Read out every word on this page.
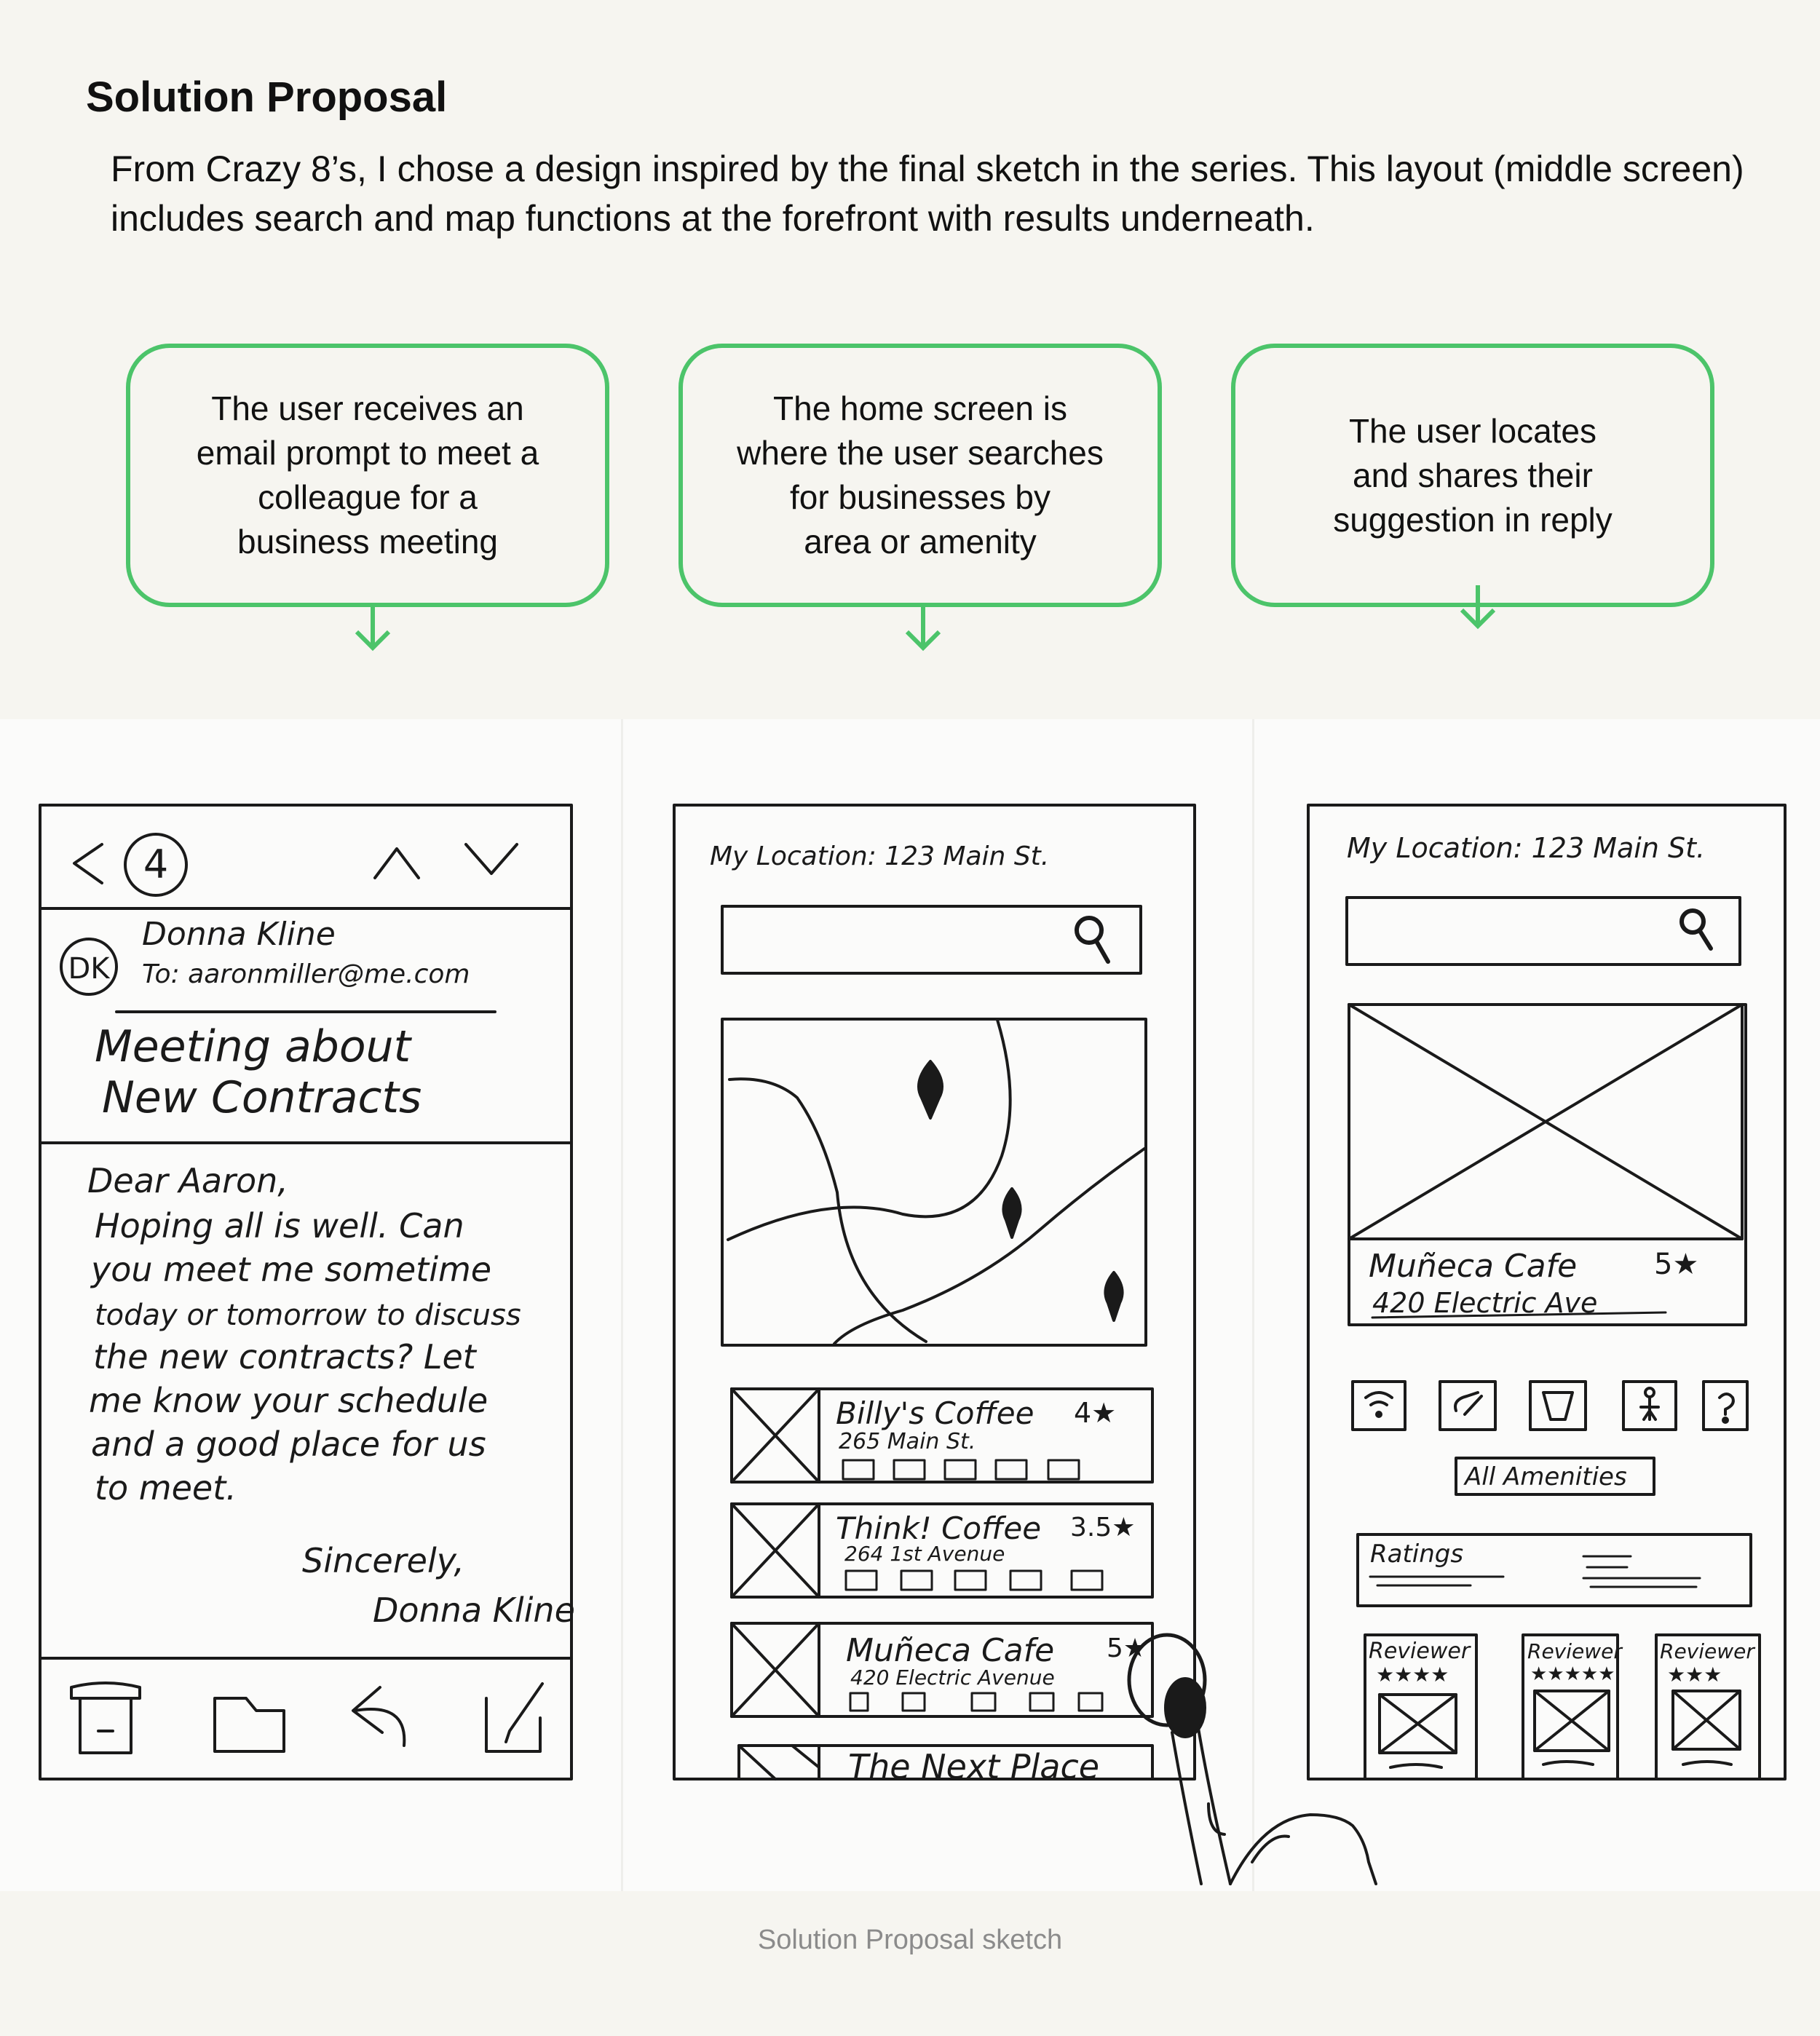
Solution Proposal

From Crazy 8’s, I chose a design inspired by the final sketch in the series. This layout (middle screen) includes search and map functions at the forefront with results underneath.

The user receives an
email prompt to meet a
colleague for a
business meeting
The home screen is
where the user searches
for businesses by
area or amenity
The user locates
and shares their
suggestion in reply
4
DK
Donna Kline
To: aaronmiller@me.com
Meeting about
New Contracts
Dear Aaron,
Hoping all is well. Can
you meet me sometime
today or tomorrow to discuss
the new contracts? Let
me know your schedule
and a good place for us
to meet.
Sincerely,
Donna Kline
My Location: 123 Main St.
Billy's Coffee 4★
265 Main St.
Think! Coffee 3.5★
264 1st Avenue
Muñeca Cafe 5★
420 Electric Avenue
The Next Place
My Location: 123 Main St.
Muñeca Cafe	5★
420 Electric Ave
All Amenities
Ratings
Reviewer
★★★★
Reviewer
★★★★★
Reviewer
★★★
Solution Proposal sketch
